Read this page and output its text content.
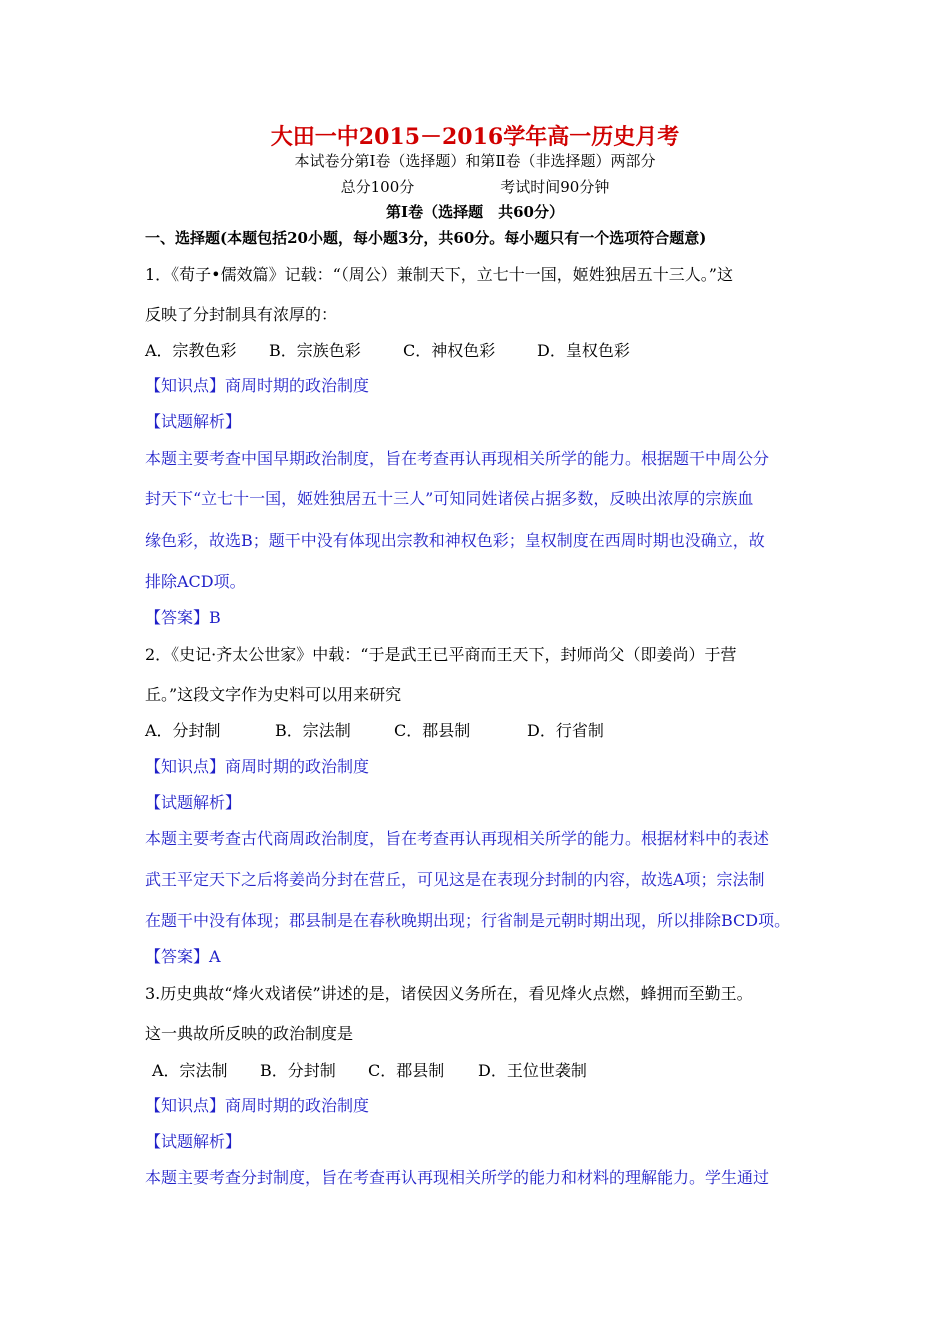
大田一中2015－2016学年高一历史月考
本试卷分第Ⅰ卷（选择题）和第Ⅱ卷（非选择题）两部分
总分100分	考试时间90分钟
第Ⅰ卷（选择题　共60分）
一、选择题(本题包括20小题，每小题3分，共60分。每小题只有一个选项符合题意)
1．《荀子•儒效篇》记载：“（周公）兼制天下，立七十一国，姬姓独居五十三人。”这
反映了分封制具有浓厚的：
A．宗教色彩 B．宗族色彩	C．神权色彩	D．皇权色彩
【知识点】商周时期的政治制度
【试题解析】
本题主要考查中国早期政治制度，旨在考查再认再现相关所学的能力。根据题干中周公分
封天下“立七十一国，姬姓独居五十三人”可知同姓诸侯占据多数，反映出浓厚的宗族血
缘色彩，故选B；题干中没有体现出宗教和神权色彩；皇权制度在西周时期也没确立，故
排除ACD项。
【答案】B
2．《史记·齐太公世家》中载：“于是武王已平商而王天下，封师尚父（即姜尚）于营
丘。”这段文字作为史料可以用来研究
A．分封制	B．宗法制	C．郡县制	D．行省制
【知识点】商周时期的政治制度
【试题解析】
本题主要考查古代商周政治制度，旨在考查再认再现相关所学的能力。根据材料中的表述
武王平定天下之后将姜尚分封在营丘，可见这是在表现分封制的内容，故选A项；宗法制
在题干中没有体现；郡县制是在春秋晚期出现；行省制是元朝时期出现，所以排除BCD项。
【答案】A
3.历史典故“烽火戏诸侯”讲述的是，诸侯因义务所在，看见烽火点燃，蜂拥而至勤王。
这一典故所反映的政治制度是
A．宗法制 B．分封制 C．郡县制 D．王位世袭制
【知识点】商周时期的政治制度
【试题解析】
本题主要考查分封制度，旨在考查再认再现相关所学的能力和材料的理解能力。学生通过
